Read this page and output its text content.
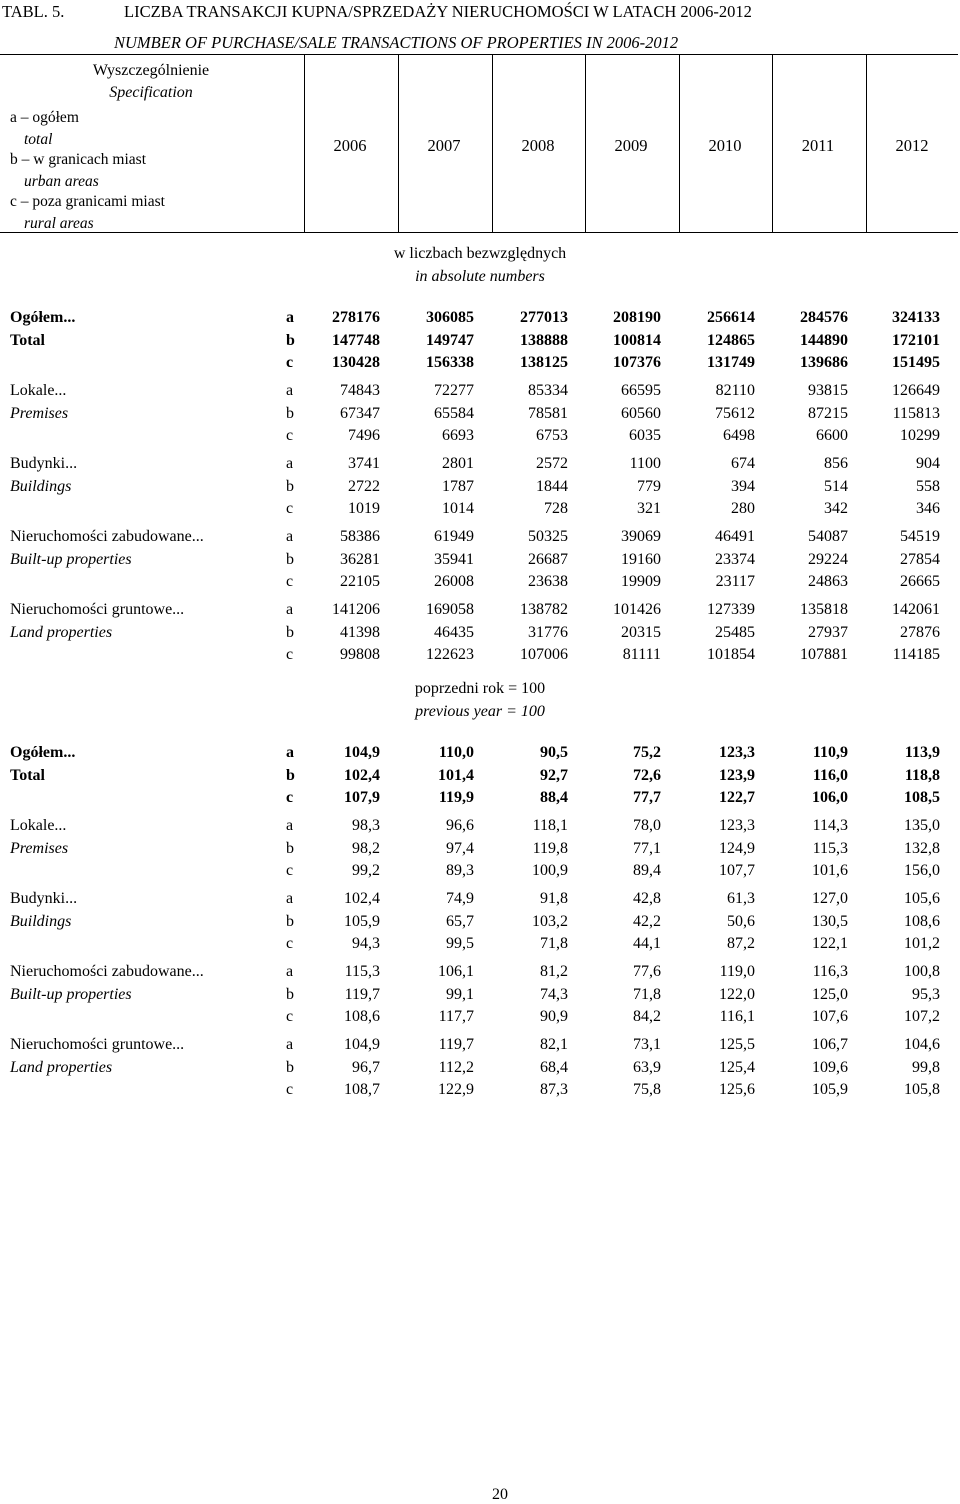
TABL. 5.	LICZBA TRANSAKCJI KUPNA/SPRZEDAŻY NIERUCHOMOŚCI W LATACH 2006-2012
NUMBER OF PURCHASE/SALE TRANSACTIONS OF PROPERTIES IN 2006-2012
Wyszczególnienie
Specification
a – ogółem
total
b – w granicach miast
urban areas
c – poza granicami miast
rural areas
2006	2007	2008	2009	2010	2011	2012
w liczbach bezwzględnych
in absolute numbers
Ogółem...
Total
a	278176	306085	277013	208190	256614	284576	324133
b	147748	149747	138888	100814	124865	144890	172101
c	130428	156338	138125	107376	131749	139686	151495
Lokale...
Premises
a	74843	72277	85334	66595	82110	93815	126649
b	67347	65584	78581	60560	75612	87215	115813
c	7496	6693	6753	6035	6498	6600	10299
Budynki...
Buildings
a	3741	2801	2572	1100	674	856	904
b	2722	1787	1844	779	394	514	558
c	1019	1014	728	321	280	342	346
Nieruchomości zabudowane...
Built-up properties
a	58386	61949	50325	39069	46491	54087	54519
b	36281	35941	26687	19160	23374	29224	27854
c	22105	26008	23638	19909	23117	24863	26665
Nieruchomości gruntowe...
Land properties
a	141206	169058	138782	101426	127339	135818	142061
b	41398	46435	31776	20315	25485	27937	27876
c	99808	122623	107006	81111	101854	107881	114185
poprzedni rok = 100
previous year = 100
Ogółem...
Total
a	104,9	110,0	90,5	75,2	123,3	110,9	113,9
b	102,4	101,4	92,7	72,6	123,9	116,0	118,8
c	107,9	119,9	88,4	77,7	122,7	106,0	108,5
Lokale...
Premises
a	98,3	96,6	118,1	78,0	123,3	114,3	135,0
b	98,2	97,4	119,8	77,1	124,9	115,3	132,8
c	99,2	89,3	100,9	89,4	107,7	101,6	156,0
Budynki...
Buildings
a	102,4	74,9	91,8	42,8	61,3	127,0	105,6
b	105,9	65,7	103,2	42,2	50,6	130,5	108,6
c	94,3	99,5	71,8	44,1	87,2	122,1	101,2
Nieruchomości zabudowane...
Built-up properties
a	115,3	106,1	81,2	77,6	119,0	116,3	100,8
b	119,7	99,1	74,3	71,8	122,0	125,0	95,3
c	108,6	117,7	90,9	84,2	116,1	107,6	107,2
Nieruchomości gruntowe...
Land properties
a	104,9	119,7	82,1	73,1	125,5	106,7	104,6
b	96,7	112,2	68,4	63,9	125,4	109,6	99,8
c	108,7	122,9	87,3	75,8	125,6	105,9	105,8
20
